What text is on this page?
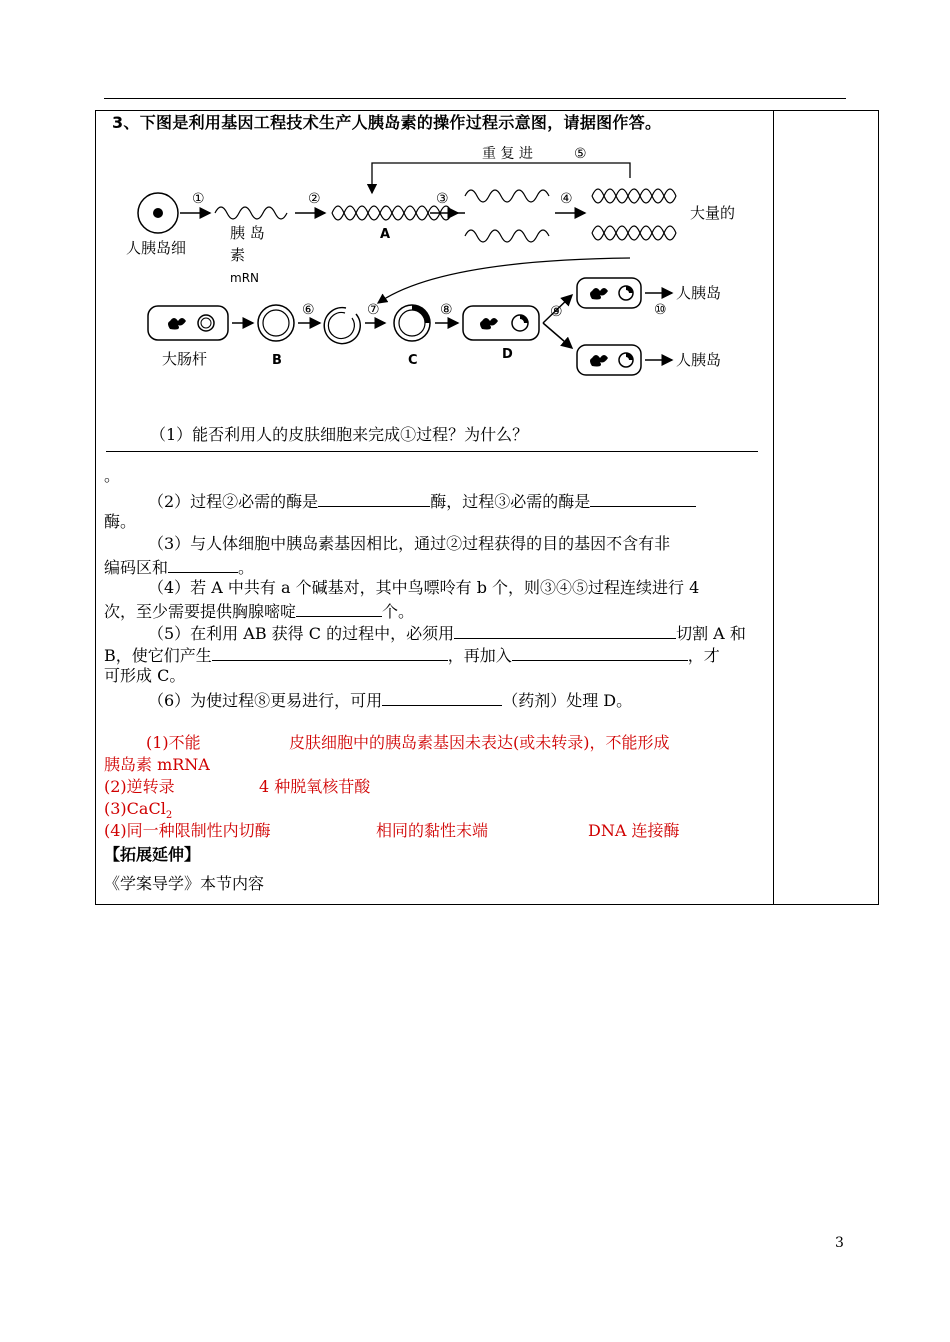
3、下图是利用基因工程技术生产人胰岛素的操作过程示意图，请据图作答。
人胰岛细
①
胰 岛
素
mRN
②
A
③	④
大量的
重 复 进	⑤
大肠杆	B
⑥	⑦
C
⑧
D
⑨	⑩
人胰岛
人胰岛
（1）能否利用人的皮肤细胞来完成①过程？为什么？
。
（2）过程②必需的酶是	酶，过程③必需的酶是
酶。
（3）与人体细胞中胰岛素基因相比，通过②过程获得的目的基因不含有非
编码区和	。
（4）若 A 中共有 a 个碱基对，其中鸟嘌呤有 b 个，则③④⑤过程连续进行 4
次，至少需要提供胸腺嘧啶	个。
（5）在利用 AB 获得 C 的过程中，必须用	切割 A 和
B，使它们产生	，再加入	，才
可形成 C。
（6）为使过程⑧更易进行，可用	（药剂）处理 D。
(1)不能	皮肤细胞中的胰岛素基因未表达(或未转录)，不能形成
胰岛素 mRNA
(2)逆转录	4 种脱氧核苷酸
(3)CaCl$_2$
(4)同一种限制性内切酶	相同的黏性末端	DNA 连接酶
【拓展延伸】
《学案导学》本节内容
3
